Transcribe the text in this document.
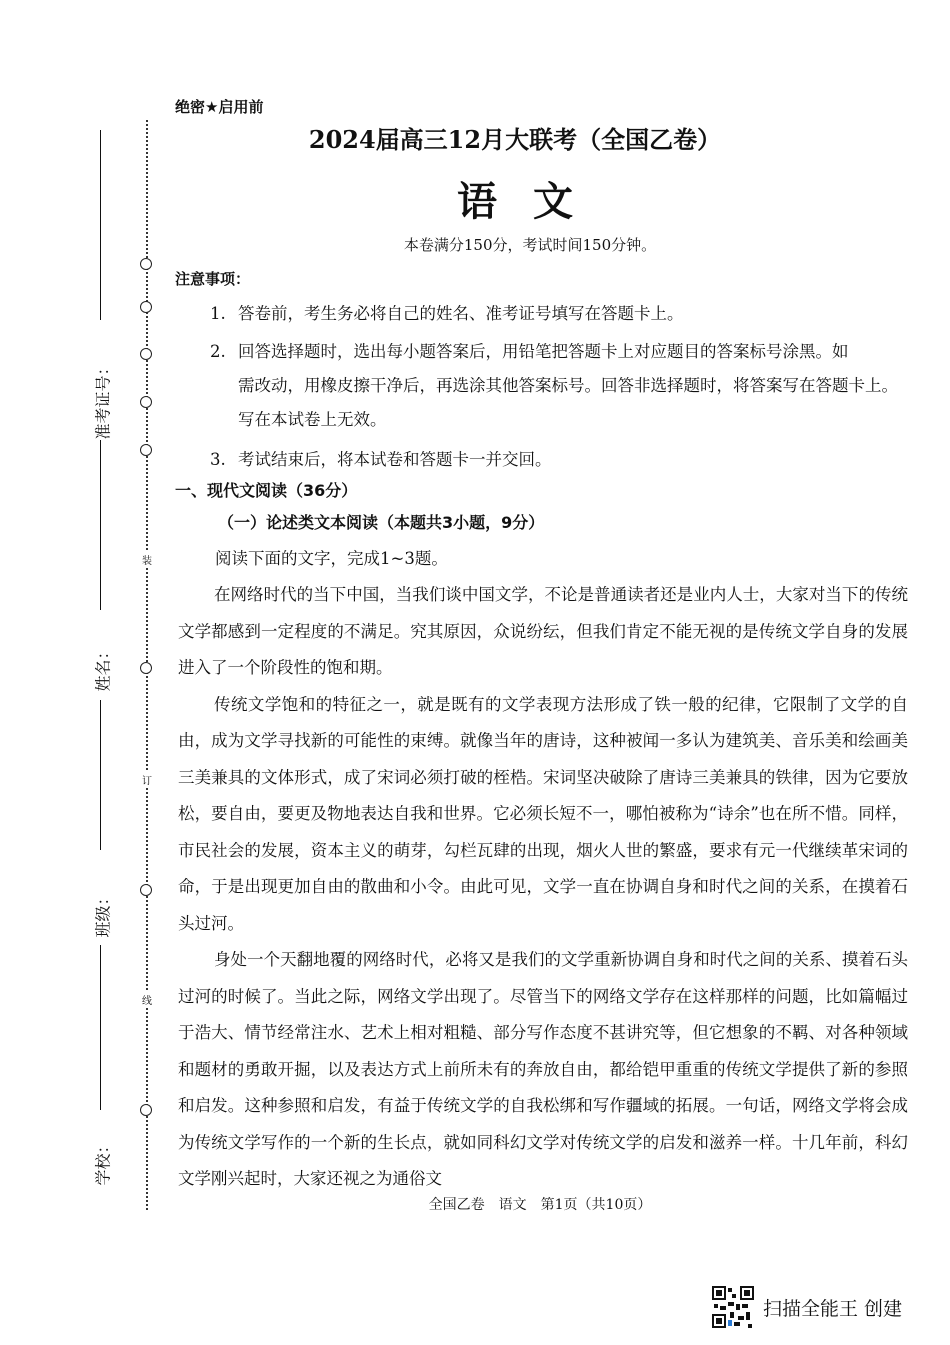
装
订
线
准考证号：
姓名：
班级：
学校：
绝密★启用前
2024届高三12月大联考（全国乙卷）
语文
本卷满分150分，考试时间150分钟。
注意事项：
1. 答卷前，考生务必将自己的姓名、准考证号填写在答题卡上。
2. 回答选择题时，选出每小题答案后，用铅笔把答题卡上对应题目的答案标号涂黑。如
需改动，用橡皮擦干净后，再选涂其他答案标号。回答非选择题时，将答案写在答题卡上。写在本试卷上无效。
3. 考试结束后，将本试卷和答题卡一并交回。
一、现代文阅读（36分）
（一）论述类文本阅读（本题共3小题，9分）
阅读下面的文字，完成1~3题。

在网络时代的当下中国，当我们谈中国文学，不论是普通读者还是业内人士，大家对当下的传统文学都感到一定程度的不满足。究其原因，众说纷纭，但我们肯定不能无视的是传统文学自身的发展进入了一个阶段性的饱和期。

传统文学饱和的特征之一，就是既有的文学表现方法形成了铁一般的纪律，它限制了文学的自由，成为文学寻找新的可能性的束缚。就像当年的唐诗，这种被闻一多认为建筑美、音乐美和绘画美三美兼具的文体形式，成了宋词必须打破的桎梏。宋词坚决破除了唐诗三美兼具的铁律，因为它要放松，要自由，要更及物地表达自我和世界。它必须长短不一，哪怕被称为“诗余”也在所不惜。同样，市民社会的发展，资本主义的萌芽，勾栏瓦肆的出现，烟火人世的繁盛，要求有元一代继续革宋词的命，于是出现更加自由的散曲和小令。由此可见，文学一直在协调自身和时代之间的关系，在摸着石头过河。

身处一个天翻地覆的网络时代，必将又是我们的文学重新协调自身和时代之间的关系、摸着石头过河的时候了。当此之际，网络文学出现了。尽管当下的网络文学存在这样那样的问题，比如篇幅过于浩大、情节经常注水、艺术上相对粗糙、部分写作态度不甚讲究等，但它想象的不羁、对各种领域和题材的勇敢开掘，以及表达方式上前所未有的奔放自由，都给铠甲重重的传统文学提供了新的参照和启发。这种参照和启发，有益于传统文学的自我松绑和写作疆域的拓展。一句话，网络文学将会成为传统文学写作的一个新的生长点，就如同科幻文学对传统文学的启发和滋养一样。十几年前，科幻文学刚兴起时，大家还视之为通俗文

全国乙卷　语文　第1页（共10页）
扫描全能王 创建
